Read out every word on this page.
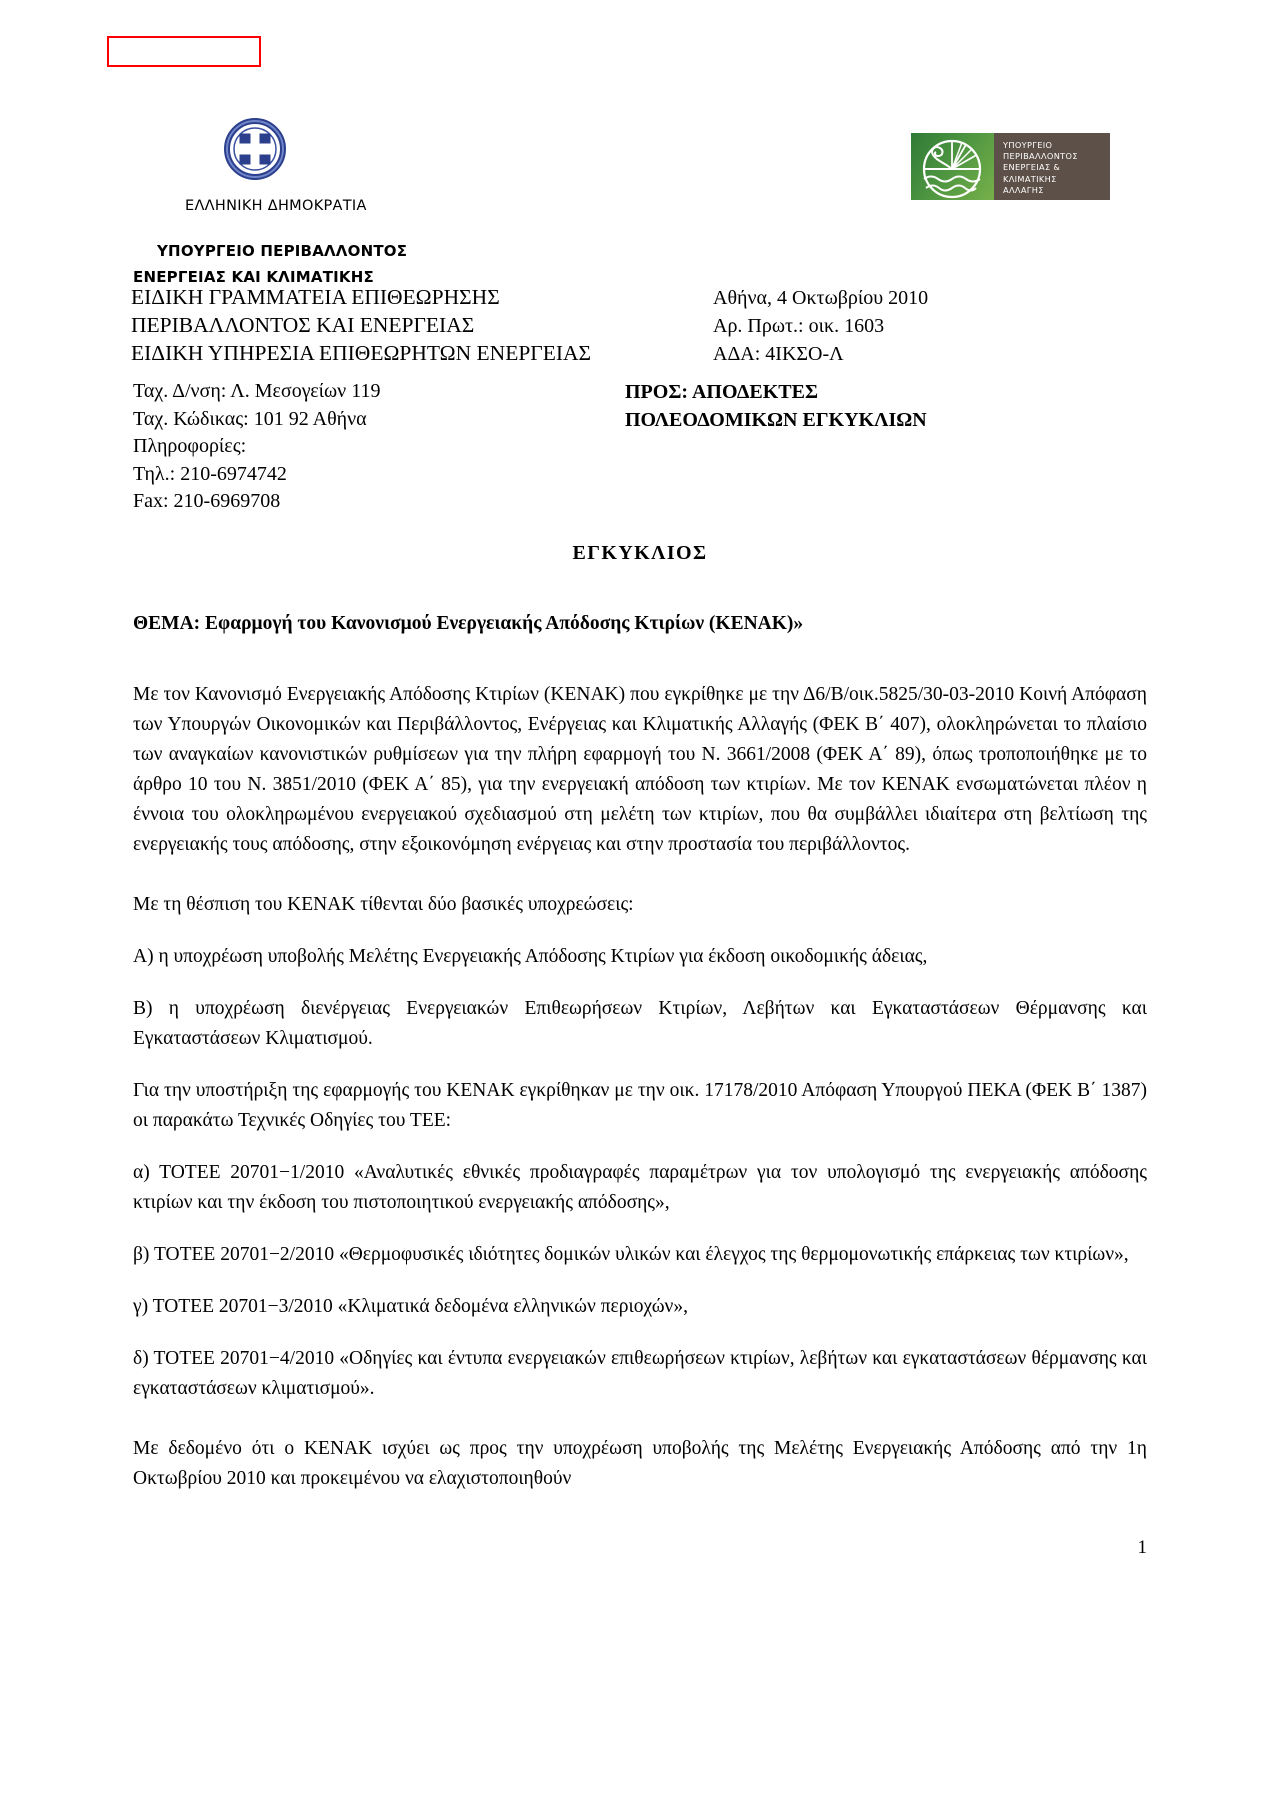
ΥΠΟΥΡΓΕΙΟ
ΠΕΡΙΒΑΛΛΟΝΤΟΣ
ΕΝΕΡΓΕΙΑΣ &
ΚΛΙΜΑΤΙΚΗΣ
ΑΛΛΑΓΗΣ
ΕΛΛΗΝΙΚΗ ΔΗΜΟΚΡΑΤΙΑ
ΥΠΟΥΡΓΕΙΟ ΠΕΡΙΒΑΛΛΟΝΤΟΣ
ΕΝΕΡΓΕΙΑΣ ΚΑΙ ΚΛΙΜΑΤΙΚΗΣ
ΕΙΔΙΚΗ ΓΡΑΜΜΑΤΕΙΑ ΕΠΙΘΕΩΡΗΣΗΣ
ΠΕΡΙΒΑΛΛΟΝΤΟΣ ΚΑΙ ΕΝΕΡΓΕΙΑΣ
ΕΙΔΙΚΗ ΥΠΗΡΕΣΙΑ ΕΠΙΘΕΩΡΗΤΩΝ ΕΝΕΡΓΕΙΑΣ
Αθήνα, 4 Οκτωβρίου 2010
Αρ. Πρωτ.: οικ. 1603
ΑΔΑ: 4ΙΚΣΟ-Λ
Ταχ. Δ/νση: Λ. Μεσογείων 119
Ταχ. Κώδικας: 101 92 Αθήνα
Πληροφορίες:
Τηλ.: 210-6974742
Fax: 210-6969708
ΠΡΟΣ: ΑΠΟΔΕΚΤΕΣ
ΠΟΛΕΟΔΟΜΙΚΩΝ ΕΓΚΥΚΛΙΩΝ
ΕΓΚΥΚΛΙΟΣ
ΘΕΜΑ: Εφαρμογή του Κανονισμού Ενεργειακής Απόδοσης Κτιρίων (ΚΕΝΑΚ)»

Με τον Κανονισμό Ενεργειακής Απόδοσης Κτιρίων (ΚΕΝΑΚ) που εγκρίθηκε με την Δ6/Β/οικ.5825/30-03-2010 Κοινή Απόφαση των Υπουργών Οικονομικών και Περιβάλλοντος, Ενέργειας και Κλιματικής Αλλαγής (ΦΕΚ Β΄ 407), ολοκληρώνεται το πλαίσιο των αναγκαίων κανονιστικών ρυθμίσεων για την πλήρη εφαρμογή του Ν. 3661/2008 (ΦΕΚ Α΄ 89), όπως τροποποιήθηκε με το άρθρο 10 του Ν. 3851/2010 (ΦΕΚ Α΄ 85), για την ενεργειακή απόδοση των κτιρίων. Με τον ΚΕΝΑΚ ενσωματώνεται πλέον η έννοια του ολοκληρωμένου ενεργειακού σχεδιασμού στη μελέτη των κτιρίων, που θα συμβάλλει ιδιαίτερα στη βελτίωση της ενεργειακής τους απόδοσης, στην εξοικονόμηση ενέργειας και στην προστασία του περιβάλλοντος.

Με τη θέσπιση του ΚΕΝΑΚ τίθενται δύο βασικές υποχρεώσεις:

Α) η υποχρέωση υποβολής Μελέτης Ενεργειακής Απόδοσης Κτιρίων για έκδοση οικοδομικής άδειας,

Β) η υποχρέωση διενέργειας Ενεργειακών Επιθεωρήσεων Κτιρίων, Λεβήτων και Εγκαταστάσεων Θέρμανσης και Εγκαταστάσεων Κλιματισμού.

Για την υποστήριξη της εφαρμογής του ΚΕΝΑΚ εγκρίθηκαν με την οικ. 17178/2010 Απόφαση Υπουργού ΠΕΚΑ (ΦΕΚ Β΄ 1387) οι παρακάτω Τεχνικές Οδηγίες του ΤΕΕ:

α) ΤΟΤΕΕ 20701−1/2010 «Αναλυτικές εθνικές προδιαγραφές παραμέτρων για τον υπολογισμό της ενεργειακής απόδοσης κτιρίων και την έκδοση του πιστοποιητικού ενεργειακής απόδοσης»,

β) ΤΟΤΕΕ 20701−2/2010 «Θερμοφυσικές ιδιότητες δομικών υλικών και έλεγχος της θερμομονωτικής επάρκειας των κτιρίων»,

γ) ΤΟΤΕΕ 20701−3/2010 «Κλιματικά δεδομένα ελληνικών περιοχών»,

δ) ΤΟΤΕΕ 20701−4/2010 «Οδηγίες και έντυπα ενεργειακών επιθεωρήσεων κτιρίων, λεβήτων και εγκαταστάσεων θέρμανσης και εγκαταστάσεων κλιματισμού».

Με δεδομένο ότι ο ΚΕΝΑΚ ισχύει ως προς την υποχρέωση υποβολής της Μελέτης Ενεργειακής Απόδοσης από την 1η Οκτωβρίου 2010 και προκειμένου να ελαχιστοποιηθούν

1
